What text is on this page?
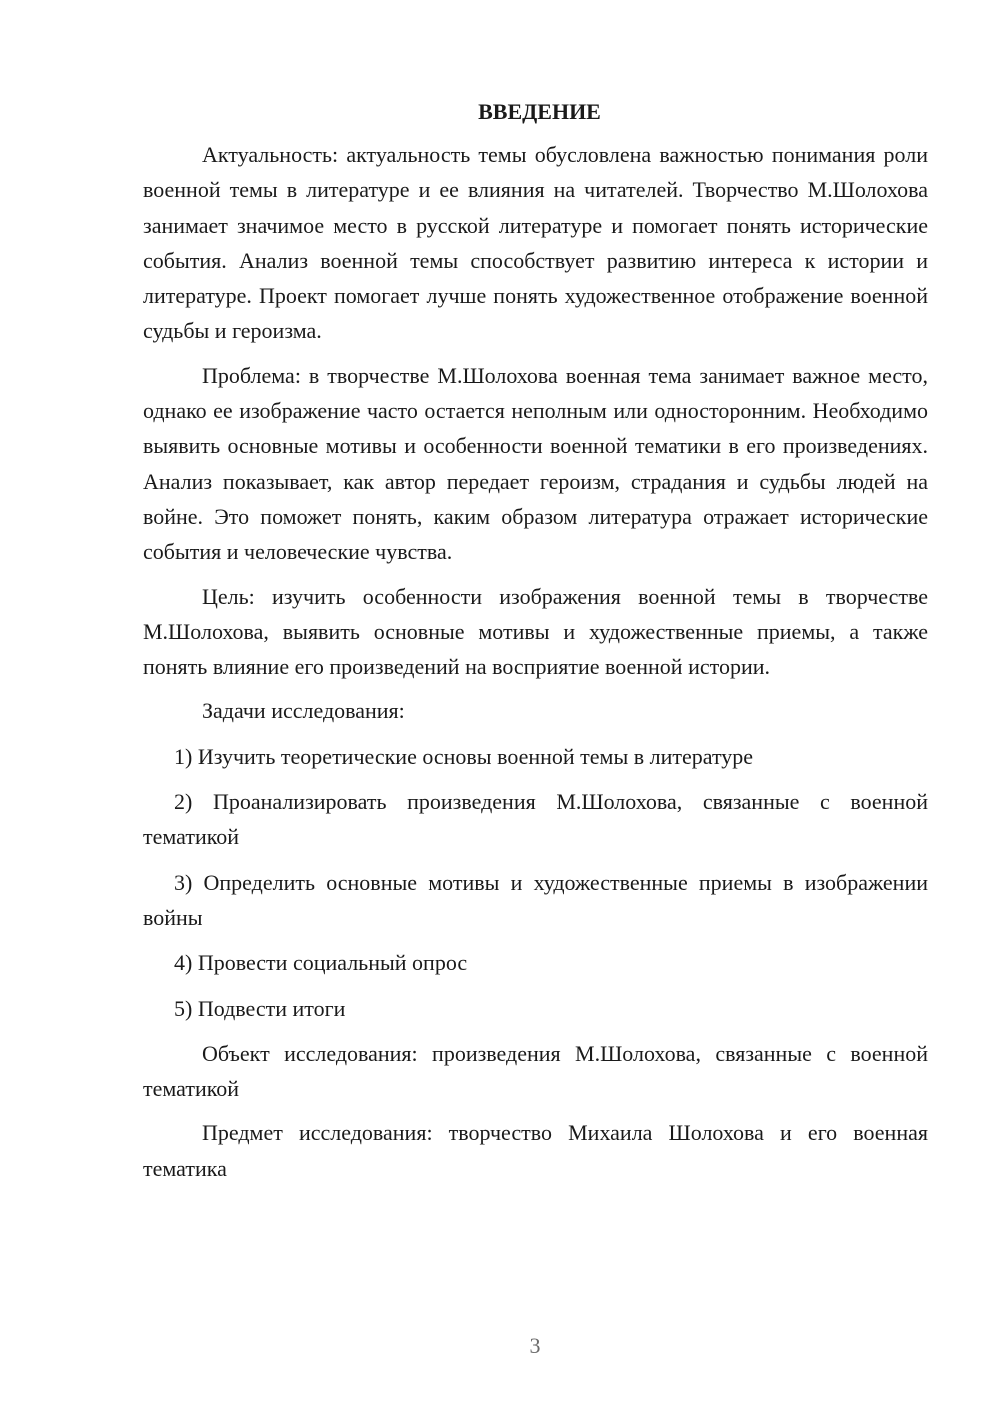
ВВЕДЕНИЕ

Актуальность: актуальность темы обусловлена важностью понимания роли военной темы в литературе и ее влияния на читателей. Творчество М.Шолохова занимает значимое место в русской литературе и помогает понять исторические события. Анализ военной темы способствует развитию интереса к истории и литературе. Проект помогает лучше понять художественное отображение военной судьбы и героизма.

Проблема: в творчестве М.Шолохова военная тема занимает важное место, однако ее изображение часто остается неполным или односторонним. Необходимо выявить основные мотивы и особенности военной тематики в его произведениях. Анализ показывает, как автор передает героизм, страдания и судьбы людей на войне. Это поможет понять, каким образом литература отражает исторические события и человеческие чувства.

Цель: изучить особенности изображения военной темы в творчестве М.Шолохова, выявить основные мотивы и художественные приемы, а также понять влияние его произведений на восприятие военной истории.

Задачи исследования:

1) Изучить теоретические основы военной темы в литературе

2) Проанализировать произведения М.Шолохова, связанные с военной тематикой

3) Определить основные мотивы и художественные приемы в изображении войны

4) Провести социальный опрос

5) Подвести итоги

Объект исследования: произведения М.Шолохова, связанные с военной тематикой

Предмет исследования: творчество Михаила Шолохова и его военная тематика

3
